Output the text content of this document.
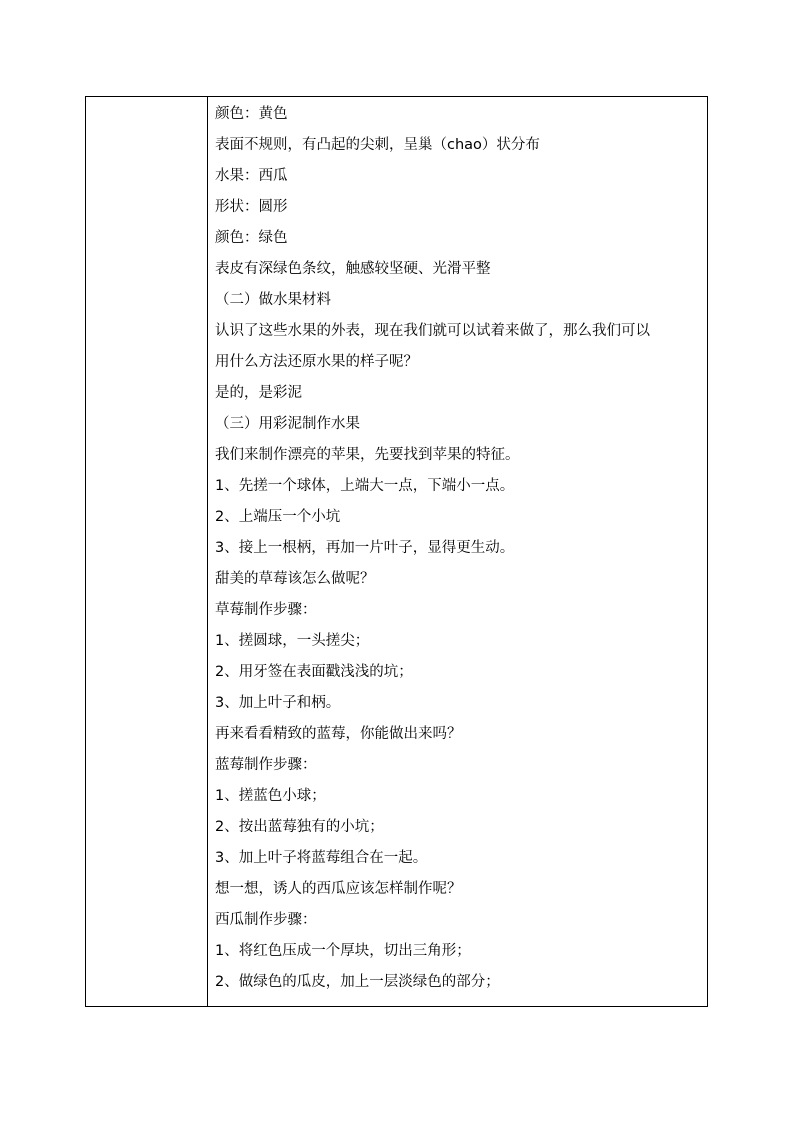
颜色：黄色
表面不规则，有凸起的尖刺，呈巢（chao）状分布
水果：西瓜
形状：圆形
颜色：绿色
表皮有深绿色条纹，触感较坚硬、光滑平整
（二）做水果材料
认识了这些水果的外表，现在我们就可以试着来做了，那么我们可以
用什么方法还原水果的样子呢？
是的，是彩泥
（三）用彩泥制作水果
我们来制作漂亮的苹果，先要找到苹果的特征。
1、先搓一个球体，上端大一点，下端小一点。
2、上端压一个小坑
3、接上一根柄，再加一片叶子，显得更生动。
甜美的草莓该怎么做呢？
草莓制作步骤：
1、搓圆球，一头搓尖；
2、用牙签在表面戳浅浅的坑；
3、加上叶子和柄。
再来看看精致的蓝莓，你能做出来吗？
蓝莓制作步骤：
1、搓蓝色小球；
2、按出蓝莓独有的小坑；
3、加上叶子将蓝莓组合在一起。
想一想，诱人的西瓜应该怎样制作呢？
西瓜制作步骤：
1、将红色压成一个厚块，切出三角形；
2、做绿色的瓜皮，加上一层淡绿色的部分；
